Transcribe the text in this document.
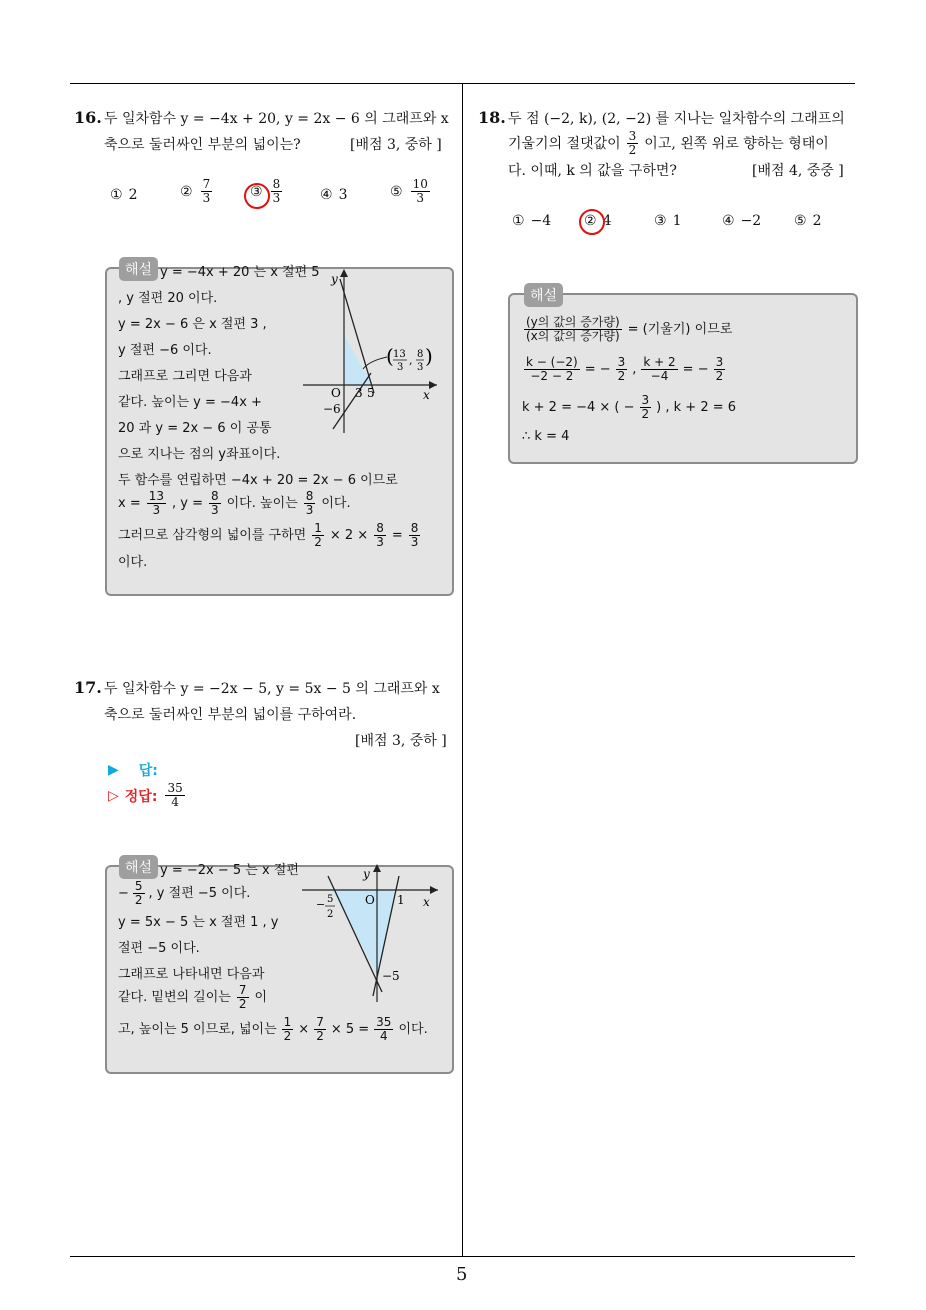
5
16. 두 일차함수 y = −4x + 20, y = 2x − 6 의 그래프와 x
축으로 둘러싸인 부분의 넓이는?	[배점 3, 중하 ]
① 2	② $\frac{7}{3}$	③ $\frac{8}{3}$	④ 3	⑤ $\frac{10}{3}$
해설 y = −4x + 20 는 x 절편 5
, y 절편 20 이다.
y = 2x − 6 은 x 절편 3 ,
y 절편 −6 이다.
그래프로 그리면 다음과
같다. 높이는 y = −4x +
20 과 y = 2x − 6 이 공통
으로 지나는 점의 y좌표이다.
두 함수를 연립하면 −4x + 20 = 2x − 6 이므로
$x = \frac{13}{3}$ , $y = \frac{8}{3}$ 이다. 높이는 $\frac{8}{3}$ 이다.
그러므로 삼각형의 넓이를 구하면 $\frac{1}{2} \times 2 \times \frac{8}{3} = \frac{8}{3}$
이다.
y
x
O
−6
3 5
( 13
3
, 8
3 )
17. 두 일차함수 y = −2x − 5, y = 5x − 5 의 그래프와 x
축으로 둘러싸인 부분의 넓이를 구하여라.
[배점 3, 중하 ]
▶ 답:
▷ 정답: $\frac{35}{4}$
해설 y = −2x − 5 는 x 절편
− $\frac{5}{2}$ , y 절편 −5 이다.
y = 5x − 5 는 x 절편 1 , y
절편 −5 이다.
그래프로 나타내면 다음과
같다. 밑변의 길이는 $\frac{7}{2}$ 이
고, 높이는 5 이므로, 넓이는 $\frac{1}{2} \times \frac{7}{2} \times 5 = \frac{35}{4}$ 이다.
y
x
O 1
− 5
2
−5
18. 두 점 (−2, k), (2, −2) 를 지나는 일차함수의 그래프의
기울기의 절댓값이 $\frac{3}{2}$ 이고, 왼쪽 위로 향하는 형태이
다. 이때, k 의 값을 구하면?	[배점 4, 중중 ]
① −4 ② 4	③ 1	④ −2 ⑤ 2
해설
$\frac{\text{(y의 값의 증가량)}}{\text{(x의 값의 증가량)}}$ = (기울기) 이므로
$\frac{k - (-2)}{-2 - 2}$ = − $\frac{3}{2}$ , $\frac{k + 2}{-4}$ = − $\frac{3}{2}$
k + 2 = −4 × ( − $\frac{3}{2}$ ) , k + 2 = 6
∴ k = 4
